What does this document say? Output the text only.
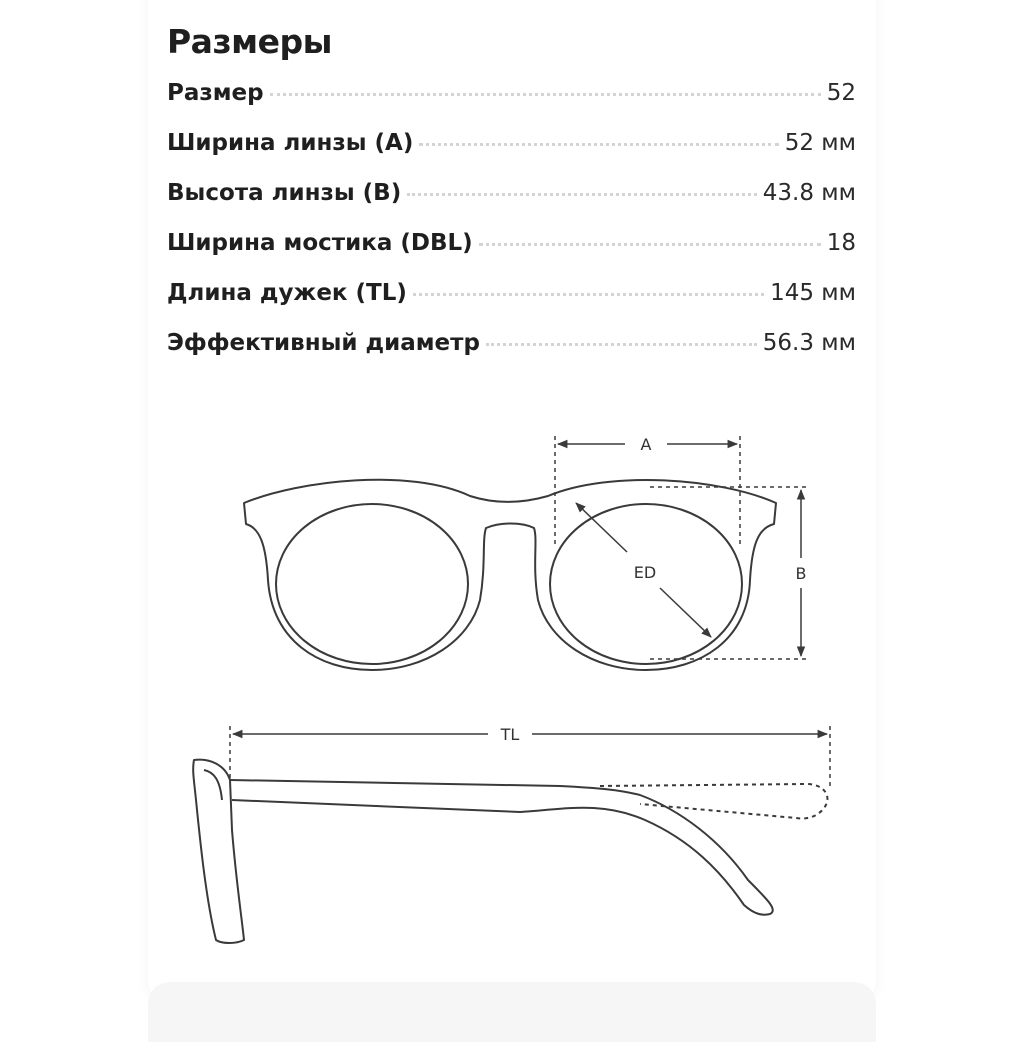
Размеры
Размер	52
Ширина линзы (A)	52 мм
Высота линзы (B)	43.8 мм
Ширина мостика (DBL)	18
Длина дужек (TL)	145 мм
Эффективный диаметр	56.3 мм
A
B
ED
TL
